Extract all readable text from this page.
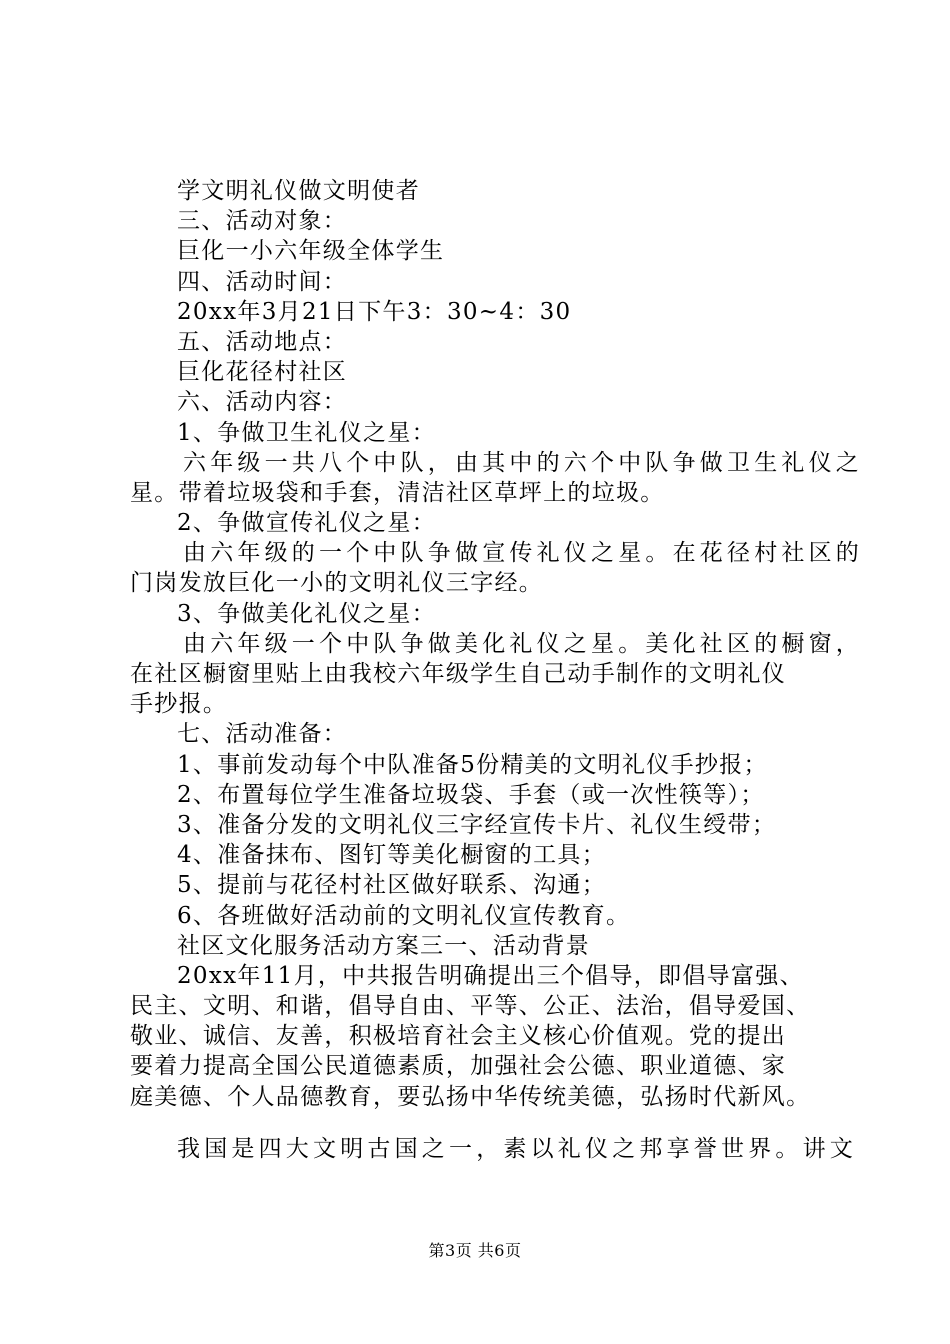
学文明礼仪做文明使者
三、活动对象：
巨化一小六年级全体学生
四、活动时间：
20xx年3月21日下午3：30~4：30
五、活动地点：
巨化花径村社区
六、活动内容：
1、争做卫生礼仪之星：
六年级一共八个中队，由其中的六个中队争做卫生礼仪之
星。带着垃圾袋和手套，清洁社区草坪上的垃圾。
2、争做宣传礼仪之星：
由六年级的一个中队争做宣传礼仪之星。在花径村社区的
门岗发放巨化一小的文明礼仪三字经。
3、争做美化礼仪之星：
由六年级一个中队争做美化礼仪之星。美化社区的橱窗，
在社区橱窗里贴上由我校六年级学生自己动手制作的文明礼仪
手抄报。
七、活动准备：
1、事前发动每个中队准备5份精美的文明礼仪手抄报；
2、布置每位学生准备垃圾袋、手套（或一次性筷等）；
3、准备分发的文明礼仪三字经宣传卡片、礼仪生绶带；
4、准备抹布、图钉等美化橱窗的工具；
5、提前与花径村社区做好联系、沟通；
6、各班做好活动前的文明礼仪宣传教育。
社区文化服务活动方案三一、活动背景
20xx年11月，中共报告明确提出三个倡导，即倡导富强、
民主、文明、和谐，倡导自由、平等、公正、法治，倡导爱国、
敬业、诚信、友善，积极培育社会主义核心价值观。党的提出
要着力提高全国公民道德素质，加强社会公德、职业道德、家
庭美德、个人品德教育，要弘扬中华传统美德，弘扬时代新风。
我国是四大文明古国之一，素以礼仪之邦享誉世界。讲文
第3页 共6页
